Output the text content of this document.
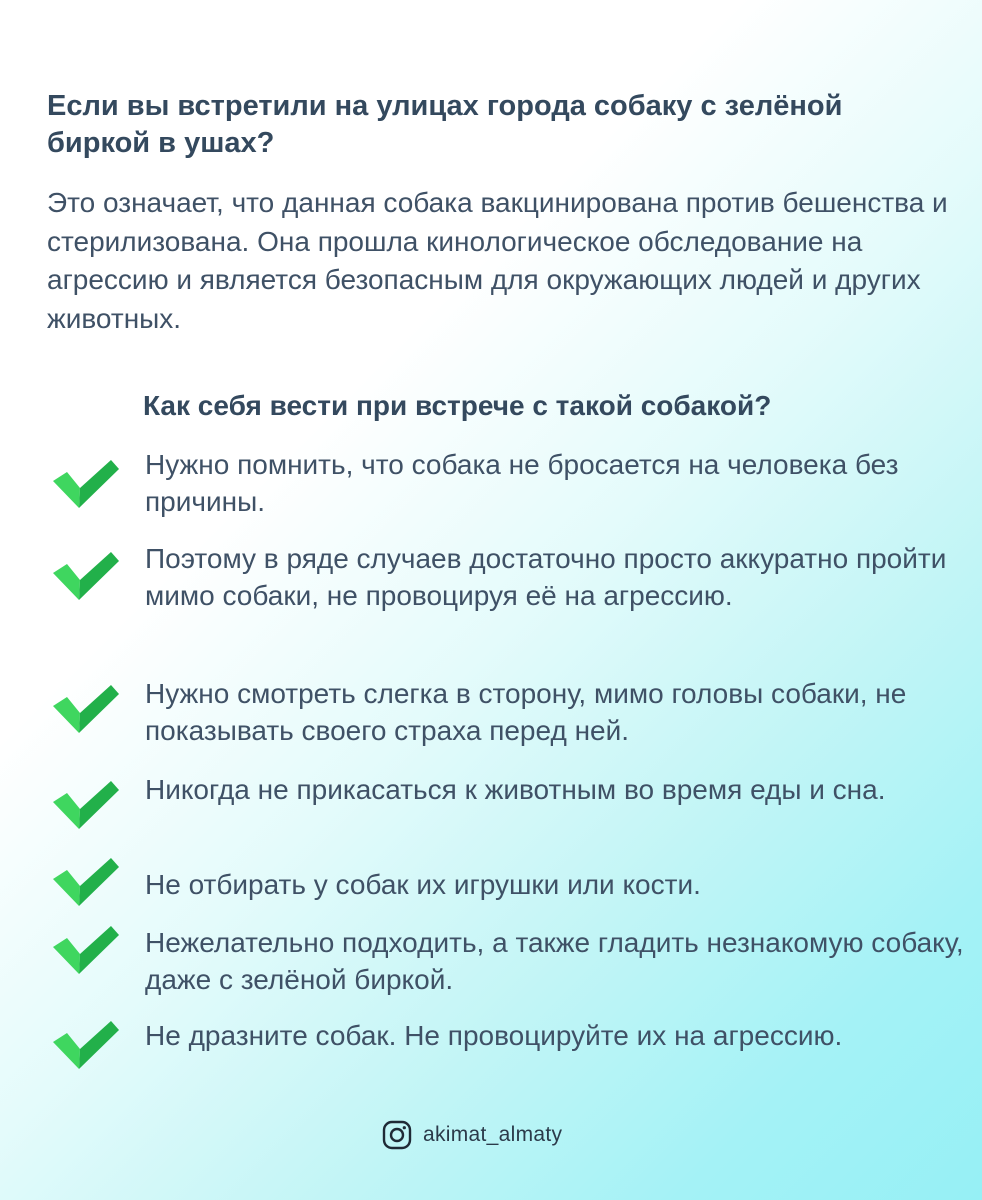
Если вы встретили на улицах города собаку с зелёной биркой в ушах?
Это означает, что данная собака вакцинирована против бешенства и стерилизована. Она прошла кинологическое обследование на агрессию и является безопасным для окружающих людей и других животных.
Как себя вести при встрече с такой собакой?
Нужно помнить, что собака не бросается на человека без причины.
Поэтому в ряде случаев достаточно просто аккуратно пройти мимо собаки, не провоцируя её на агрессию.
Нужно смотреть слегка в сторону, мимо головы собаки, не показывать своего страха перед ней.
Никогда не прикасаться к животным во время еды и сна.
Не отбирать у собак их игрушки или кости.
Нежелательно подходить, а также гладить незнакомую собаку, даже с зелёной биркой.
Не дразните собак. Не провоцируйте их на агрессию.
akimat_almaty
